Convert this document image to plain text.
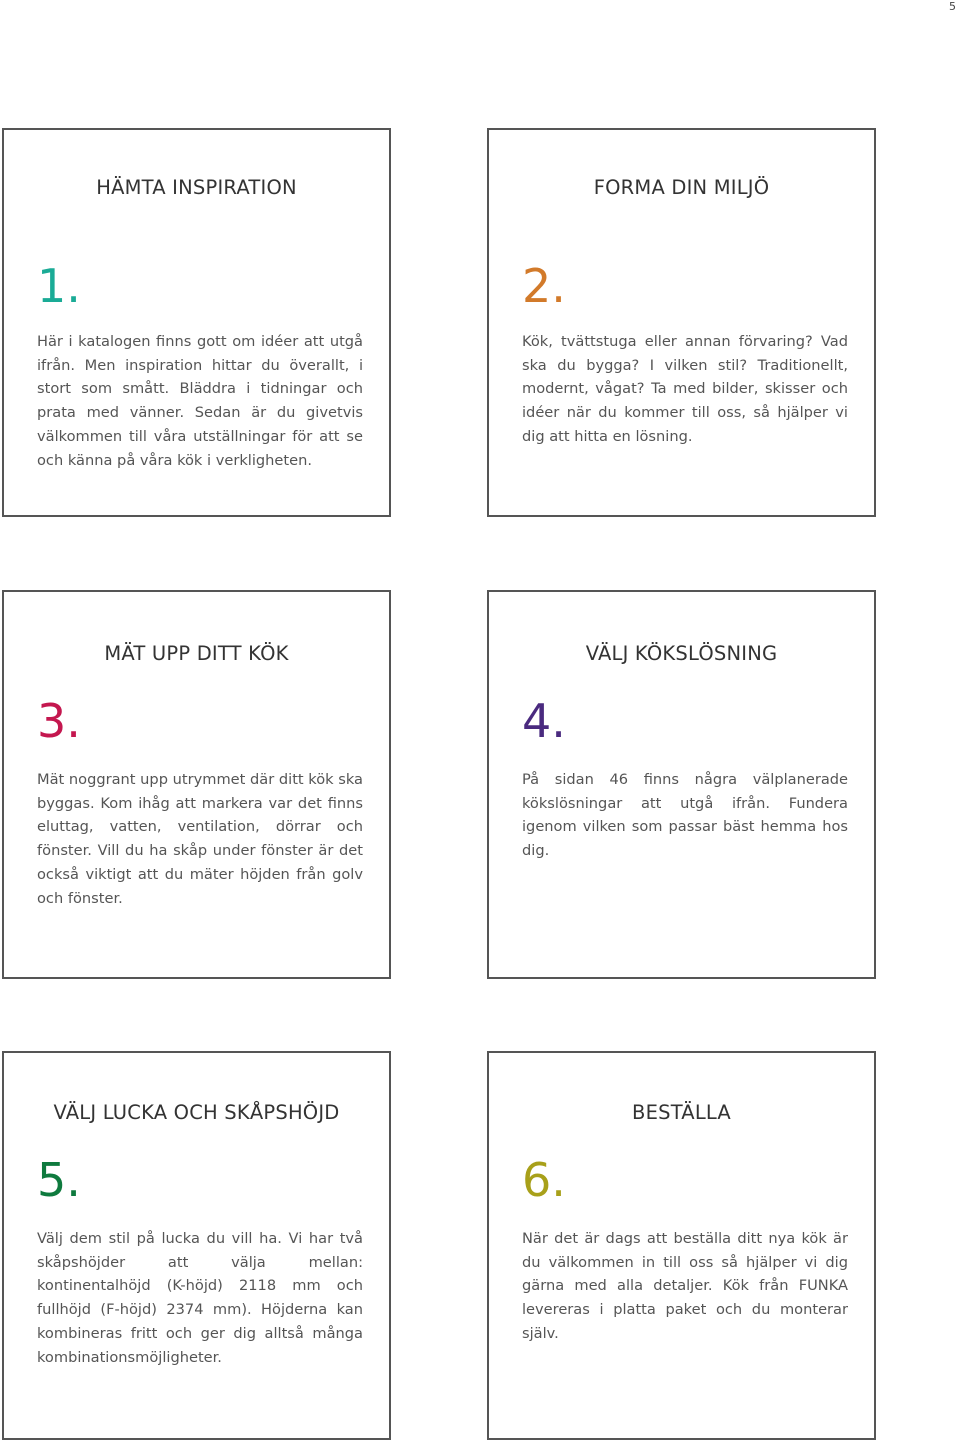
5
HÄMTA INSPIRATION
1.
Här i katalogen finns gott om idéer att utgå ifrån. Men inspiration hittar du överallt, i stort som smått. Bläddra i tidningar och prata med vänner. Sedan är du givetvis välkommen till våra utställningar för att se och känna på våra kök i verkligheten.
FORMA DIN MILJÖ
2.
Kök, tvättstuga eller annan förvaring? Vad ska du bygga? I vilken stil? Traditionellt, modernt, vågat? Ta med bilder, skisser och idéer när du kommer till oss, så hjälper vi dig att hitta en lösning.
MÄT UPP DITT KÖK
3.
Mät noggrant upp utrymmet där ditt kök ska byggas. Kom ihåg att markera var det finns eluttag, vatten, ventilation, dörrar och fönster. Vill du ha skåp under fönster är det också viktigt att du mäter höjden från golv och fönster.
VÄLJ KÖKSLÖSNING
4.
På sidan 46 finns några välplanerade kökslösningar att utgå ifrån. Fundera igenom vilken som passar bäst hemma hos dig.
VÄLJ LUCKA OCH SKÅPSHÖJD
5.
Välj dem stil på lucka du vill ha. Vi har två skåpshöjder att välja mellan: kontinentalhöjd (K-höjd) 2118 mm och fullhöjd (F-höjd) 2374 mm). Höjderna kan kombineras fritt och ger dig alltså många kombinationsmöjligheter.
BESTÄLLA
6.
När det är dags att beställa ditt nya kök är du välkommen in till oss så hjälper vi dig gärna med alla detaljer. Kök från FUNKA levereras i platta paket och du monterar själv.
